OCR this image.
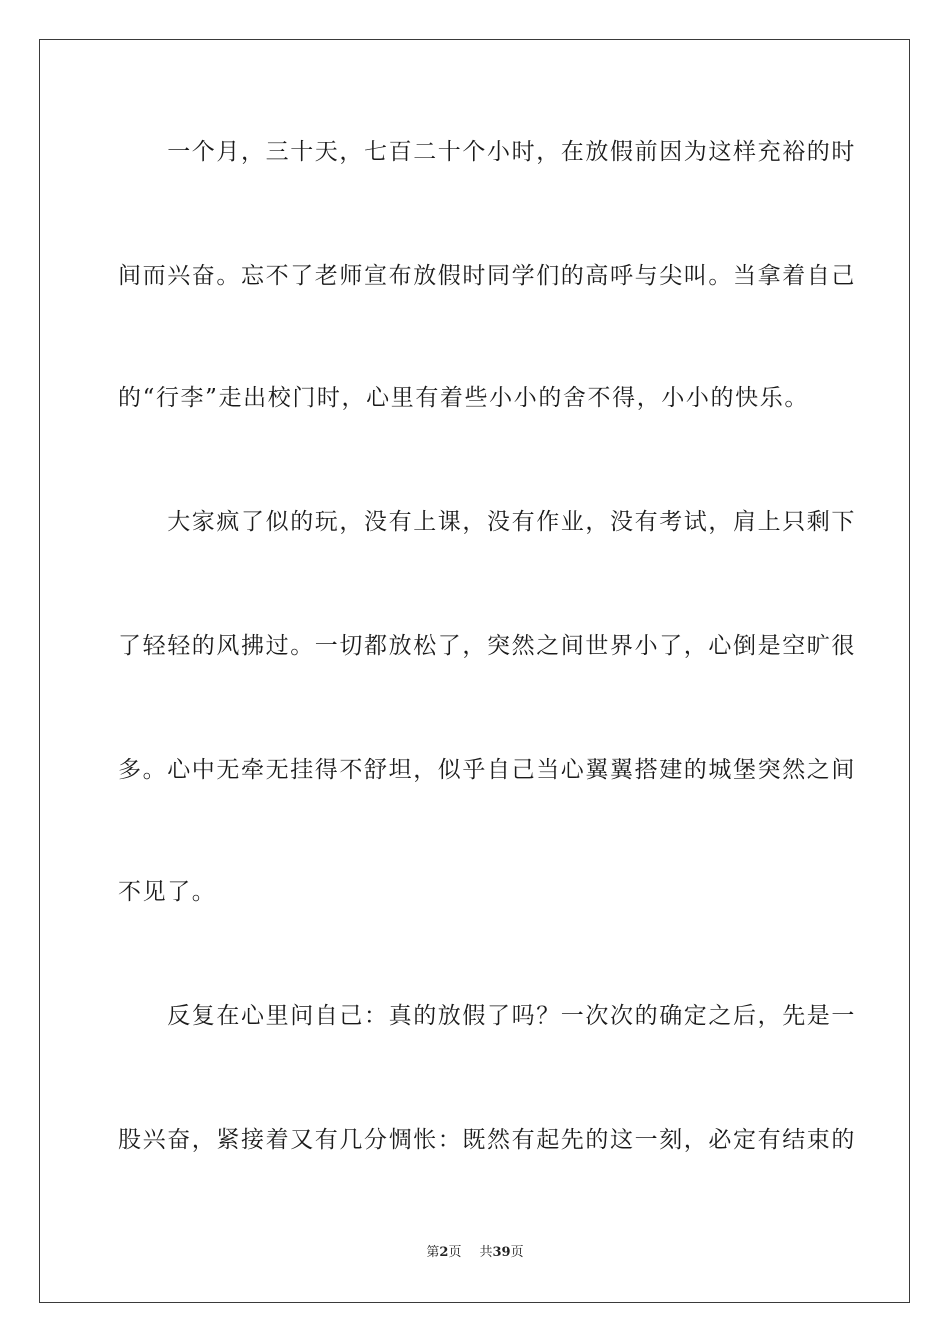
　　一个月，三十天，七百二十个小时，在放假前因为这样充裕的时
间而兴奋。忘不了老师宣布放假时同学们的高呼与尖叫。当拿着自己
的“行李”走出校门时，心里有着些小小的舍不得，小小的快乐。
　　大家疯了似的玩，没有上课，没有作业，没有考试，肩上只剩下
了轻轻的风拂过。一切都放松了，突然之间世界小了，心倒是空旷很
多。心中无牵无挂得不舒坦，似乎自己当心翼翼搭建的城堡突然之间
不见了。
　　反复在心里问自己：真的放假了吗？一次次的确定之后，先是一
股兴奋，紧接着又有几分惆怅：既然有起先的这一刻，必定有结束的
第2页 共39页
